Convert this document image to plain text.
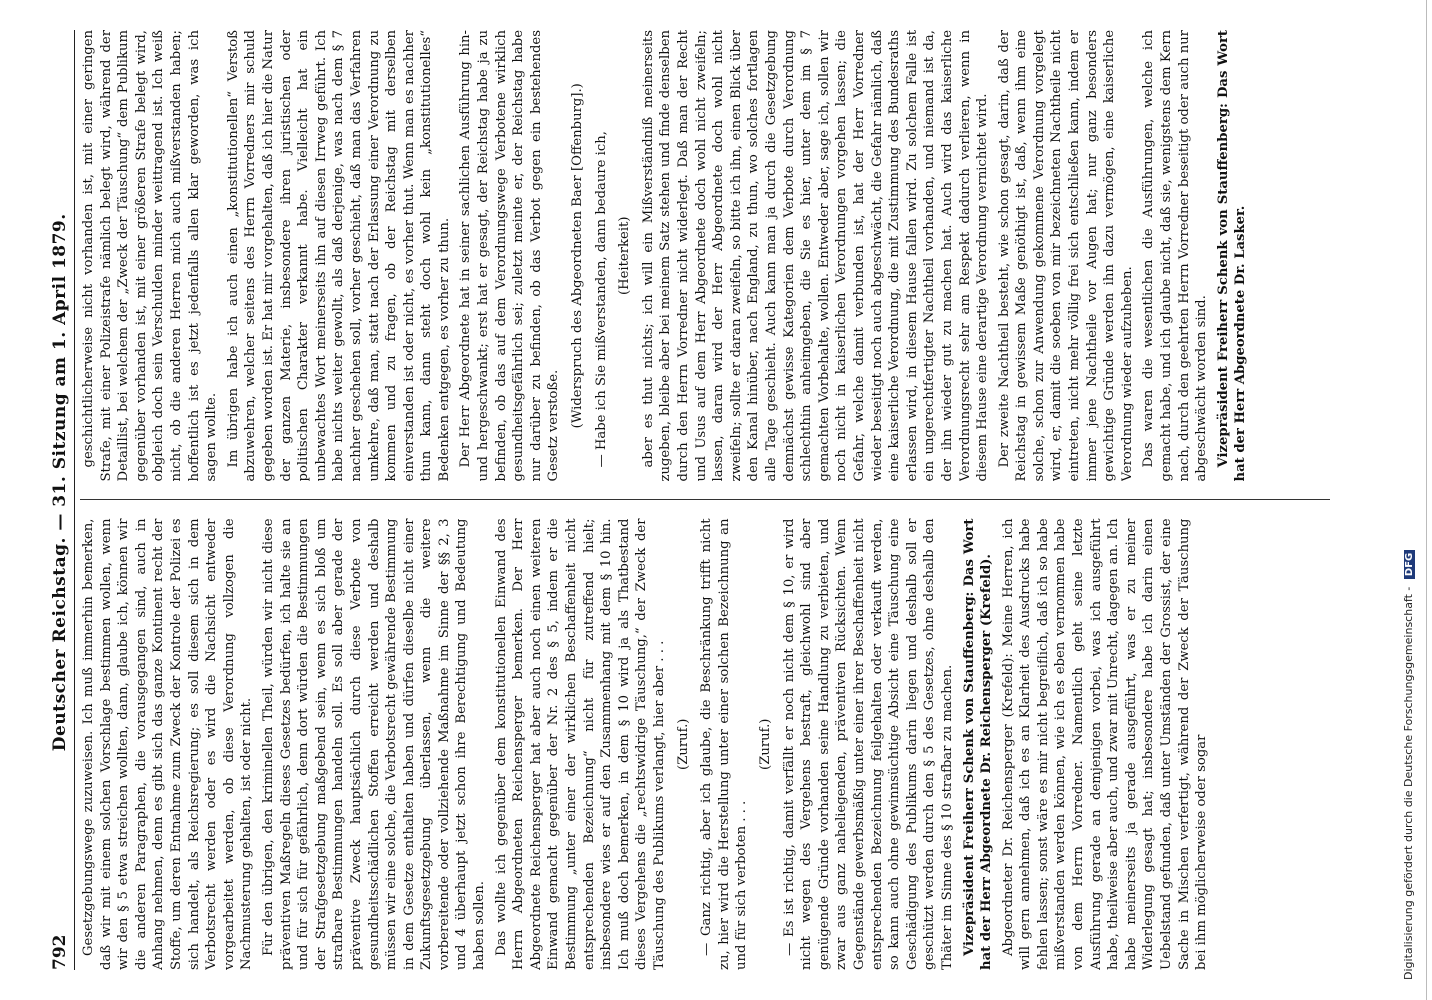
792
Deutscher Reichstag. — 31. Sitzung am 1. April 1879. Gesetzgebungswege zuzuweisen. Ich muß immerhin bemerken, daß wir mit einem solchen Vorschlage bestimmen wollen, wenn wir den § 5 etwa streichen wollten, dann, glaube ich, können wir die anderen Paragraphen, die vorausgegangen sind, auch in Anhang nehmen, denn es gibt sich das ganze Kontinent recht der Stoffe, um deren Entnahme zum Zweck der Kontrole der Polizei es sich handelt, als Reichsregierung; es soll diesem sich in dem Verbotsrecht werden oder es wird die Nachsicht entweder vorgearbeitet werden, ob diese Verordnung vollzogen die Nachmusterung gehalten, ist oder nicht. Für den übrigen, den kriminellen Theil, würden wir nicht diese präventiven Maßregeln dieses Gesetzes bedürfen, ich halte sie an und für sich für gefährlich, denn dort würden die Bestimmungen der Strafgesetzgebung maßgebend sein, wenn es sich bloß um strafbare Bestimmungen handeln soll. Es soll aber gerade der präventive Zweck hauptsächlich durch diese Verbote von gesundheitsschädlichen Stoffen erreicht werden und deshalb müssen wir eine solche, die Verbotsrecht gewährende Bestimmung in dem Gesetze enthalten haben und dürfen dieselbe nicht einer Zukunftsgesetzgebung überlassen, wenn die weitere vorbereitende oder vollziehende Maßnahme im Sinne der §§ 2, 3 und 4 überhaupt jetzt schon ihre Berechtigung und Bedeutung haben sollen. Das wollte ich gegenüber dem konstitutionellen Einwand des Herrn Abgeordneten Reichensperger bemerken. Der Herr Abgeordnete Reichensperger hat aber auch noch einen weiteren Einwand gemacht gegenüber der Nr. 2 des § 5, indem er die Bestimmung „unter einer der wirklichen Beschaffenheit nicht entsprechenden Bezeichnung“ nicht für zutreffend hielt; insbesondere wies er auf den Zusammenhang mit dem § 10 hin. Ich muß doch bemerken, in dem § 10 wird ja als Thatbestand dieses Vergehens die „rechtswidrige Täuschung,“ der Zweck der Täuschung des Publikums verlangt, hier aber . . . (Zuruf.) — Ganz richtig, aber ich glaube, die Beschränkung trifft nicht zu, hier wird die Herstellung unter einer solchen Bezeichnung an und für sich verboten . . .

(Zuruf.) — Es ist richtig, damit verfällt er noch nicht dem § 10, er wird nicht wegen des Vergehens bestraft, gleichwohl sind aber genügende Gründe vorhanden seine Handlung zu verbieten, und zwar aus ganz naheliegenden, präventiven Rücksichten. Wenn Gegenstände gewerbsmäßig unter einer ihrer Beschaffenheit nicht entsprechenden Bezeichnung feilgehalten oder verkauft werden, so kann auch ohne gewinnsüchtige Absicht eine Täuschung eine Geschädigung des Publikums darin liegen und deshalb soll er geschützt werden durch den § 5 des Gesetzes, ohne deshalb den Thäter im Sinne des § 10 strafbar zu machen. Vizepräsident Freiherr Schenk von Stauffenberg: Das Wort hat der Herr Abgeordnete Dr. Reichensperger (Krefeld). Abgeordneter Dr. Reichensperger (Krefeld): Meine Herren, ich will gern annehmen, daß ich es an Klarheit des Ausdrucks habe fehlen lassen; sonst wäre es mir nicht begreiflich, daß ich so habe mißverstanden werden können, wie ich es eben vernommen habe von dem Herrn Vorredner. Namentlich geht seine letzte Ausführung gerade an demjenigen vorbei, was ich ausgeführt habe, theilweise aber auch, und zwar mit Unrecht, dagegen an. Ich habe meinerseits ja gerade ausgeführt, was er zu meiner Widerlegung gesagt hat; insbesondere habe ich darin einen Uebelstand gefunden, daß unter Umständen der Grossist, der eine Sache in Mischen verfertigt, während der Zweck der Täuschung bei ihm möglicherweise oder sogar

geschichtlicherweise nicht vorhanden ist, mit einer geringen Strafe, mit einer Polizeistrafe nämlich belegt wird, während der Detaillist, bei welchem der „Zweck der Täuschung“ dem Publikum gegenüber vorhanden ist, mit einer größeren Strafe belegt wird, obgleich doch sein Verschulden minder weittragend ist. Ich weiß nicht, ob die anderen Herren mich auch mißverstanden haben; hoffentlich ist es jetzt jedenfalls allen klar geworden, was ich sagen wollte. Im übrigen habe ich auch einen „konstitutionellen“ Verstoß abzuwehren, welcher seitens des Herrn Vorredners mir schuld gegeben worden ist. Er hat mir vorgehalten, daß ich hier die Natur der ganzen Materie, insbesondere ihren juristischen oder politischen Charakter verkannt habe. Vielleicht hat ein unbewachtes Wort meinerseits ihn auf diesen Irrweg geführt. Ich habe nichts weiter gewollt, als daß derjenige, was nach dem § 7 nachher geschehen soll, vorher geschieht, daß man das Verfahren umkehre, daß man, statt nach der Erlassung einer Verordnung zu kommen und zu fragen, ob der Reichstag mit derselben einverstanden ist oder nicht, es vorher thut. Wenn man es nachher thun kann, dann steht doch wohl kein „konstitutionelles“ Bedenken entgegen, es vorher zu thun. Der Herr Abgeordnete hat in seiner sachlichen Ausführung hin- und hergeschwankt; erst hat er gesagt, der Reichstag habe ja zu befinden, ob das auf dem Verordnungswege Verbotene wirklich gesundheitsgefährlich sei; zuletzt meinte er, der Reichstag habe nur darüber zu befinden, ob das Verbot gegen ein bestehendes Gesetz verstoße. (Widerspruch des Abgeordneten Baer [Offenburg].) — Habe ich Sie mißverstanden, dann bedaure ich, (Heiterkeit) aber es thut nichts; ich will ein Mißverständniß meinerseits zugeben, bleibe aber bei meinem Satz stehen und finde denselben durch den Herrn Vorredner nicht widerlegt. Daß man der Recht und Usus auf dem Herr Abgeordnete doch wohl nicht zweifeln; lassen, daran wird der Herr Abgeordnete doch wohl nicht zweifeln; sollte er daran zweifeln, so bitte ich ihn, einen Blick über den Kanal hinüber, nach England, zu thun, wo solches fortlagen alle Tage geschieht. Auch kann man ja durch die Gesetzgebung demnächst gewisse Kategorien dem Verbote durch Verordnung schlechthin anheimgeben, die Sie es hier, unter dem im § 7 gemachten Vorbehalte, wollen. Entweder aber, sage ich, sollen wir noch nicht in kaiserlichen Verordnungen vorgehen lassen; die Gefahr, welche damit verbunden ist, hat der Herr Vorredner wieder beseitigt noch auch abgeschwächt, die Gefahr nämlich, daß eine kaiserliche Verordnung, die mit Zustimmung des Bundesraths erlassen wird, in diesem Hause fallen wird. Zu solchem Falle ist ein ungerechtfertigter Nachtheil vorhanden, und niemand ist da, der ihn wieder gut zu machen hat. Auch wird das kaiserliche Verordnungsrecht sehr am Respekt dadurch verlieren, wenn in diesem Hause eine derartige Verordnung vernichtet wird. Der zweite Nachtheil besteht, wie schon gesagt, darin, daß der Reichstag in gewissem Maße genöthigt ist, daß, wenn ihm eine solche, schon zur Anwendung gekommene Verordnung vorgelegt wird, er, damit die soeben von mir bezeichneten Nachtheile nicht eintreten, nicht mehr völlig frei sich entschließen kann, indem er immer jene Nachtheile vor Augen hat; nur ganz besonders gewichtige Gründe werden ihn dazu vermögen, eine kaiserliche Verordnung wieder aufzuheben. Das waren die wesentlichen die Ausführungen, welche ich gemacht habe, und ich glaube nicht, daß sie, wenigstens dem Kern nach, durch den geehrten Herrn Vorredner beseitigt oder auch nur abgeschwächt worden sind. Vizepräsident Freiherr Schenk von Stauffenberg: Das Wort hat der Herr Abgeordnete Dr. Lasker.

Digitalisierung gefördert durch die Deutsche Forschungsgemeinschaft - DFG
